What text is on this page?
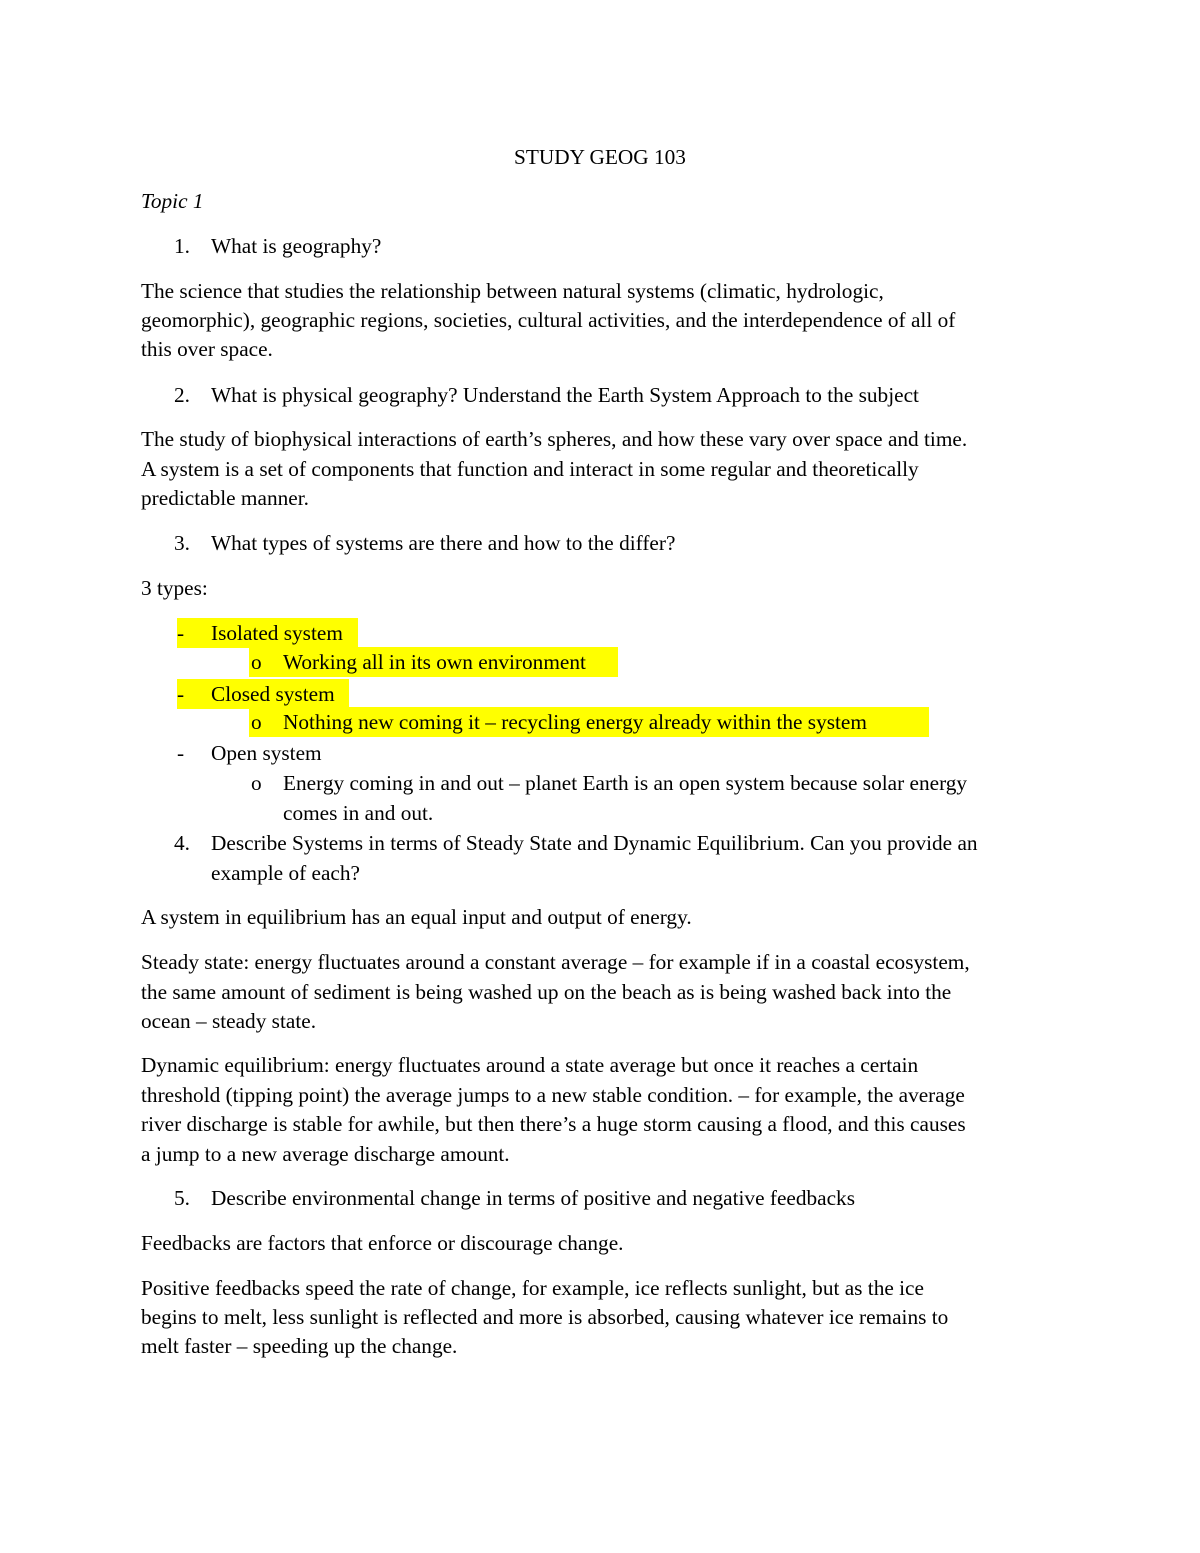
STUDY GEOG 103
Topic 1
1. What is geography?
The science that studies the relationship between natural systems (climatic, hydrologic,
geomorphic), geographic regions, societies, cultural activities, and the interdependence of all of
this over space.
2. What is physical geography? Understand the Earth System Approach to the subject
The study of biophysical interactions of earth’s spheres, and how these vary over space and time.
A system is a set of components that function and interact in some regular and theoretically
predictable manner.
3. What types of systems are there and how to the differ?
3 types:
- Isolated system
o Working all in its own environment
- Closed system
o Nothing new coming it – recycling energy already within the system
- Open system
o Energy coming in and out – planet Earth is an open system because solar energy
comes in and out.
4. Describe Systems in terms of Steady State and Dynamic Equilibrium. Can you provide an
example of each?
A system in equilibrium has an equal input and output of energy.
Steady state: energy fluctuates around a constant average – for example if in a coastal ecosystem,
the same amount of sediment is being washed up on the beach as is being washed back into the
ocean – steady state.
Dynamic equilibrium: energy fluctuates around a state average but once it reaches a certain
threshold (tipping point) the average jumps to a new stable condition. – for example, the average
river discharge is stable for awhile, but then there’s a huge storm causing a flood, and this causes
a jump to a new average discharge amount.
5. Describe environmental change in terms of positive and negative feedbacks
Feedbacks are factors that enforce or discourage change.
Positive feedbacks speed the rate of change, for example, ice reflects sunlight, but as the ice
begins to melt, less sunlight is reflected and more is absorbed, causing whatever ice remains to
melt faster – speeding up the change.
